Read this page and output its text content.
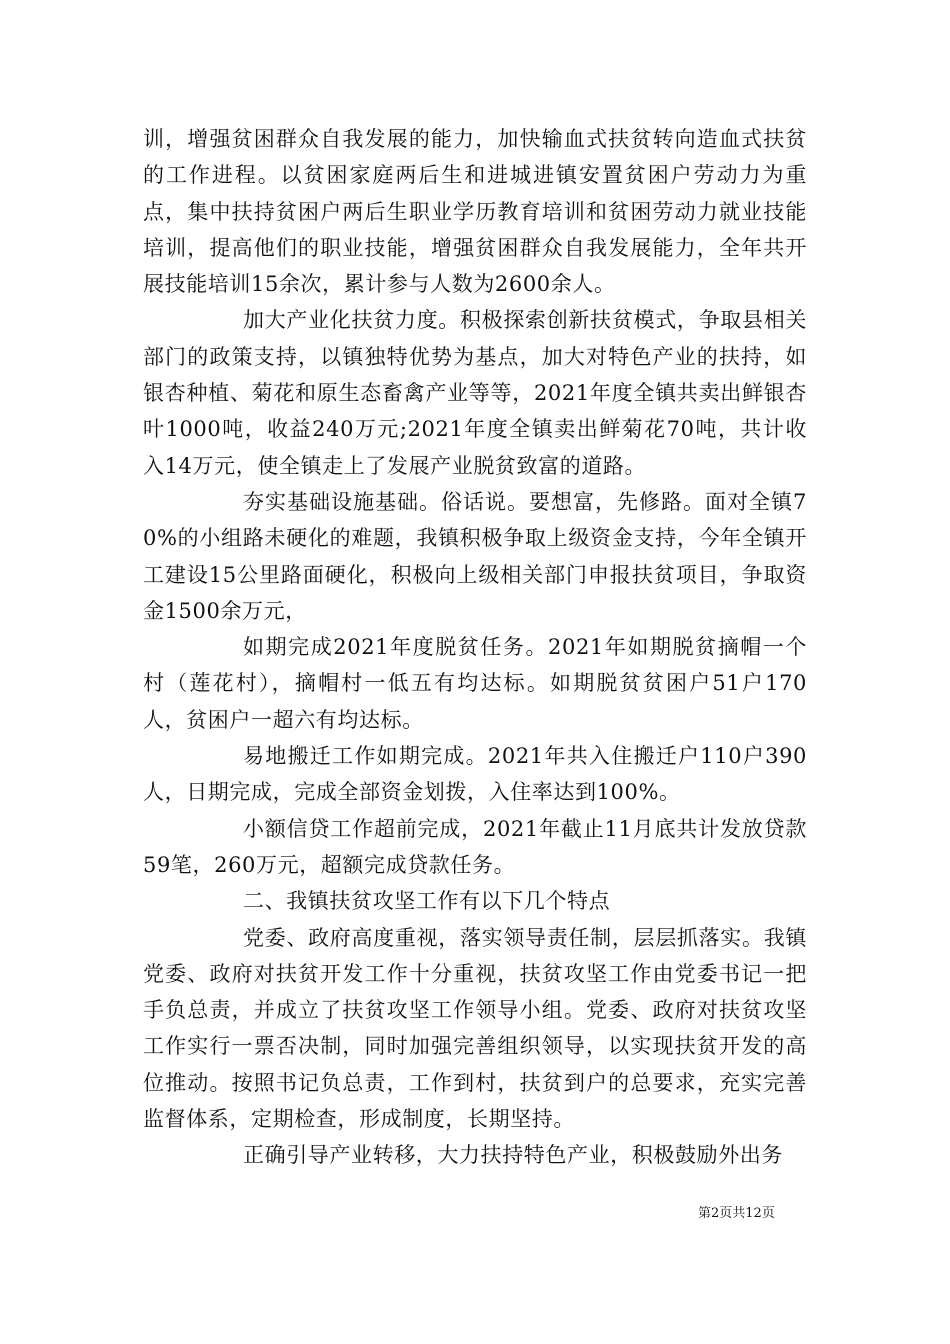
训，增强贫困群众自我发展的能力，加快输血式扶贫转向造血式扶贫的工作进程。以贫困家庭两后生和进城进镇安置贫困户劳动力为重点，集中扶持贫困户两后生职业学历教育培训和贫困劳动力就业技能培训，提高他们的职业技能，增强贫困群众自我发展能力，全年共开展技能培训15余次，累计参与人数为2600余人。

加大产业化扶贫力度。积极探索创新扶贫模式，争取县相关部门的政策支持，以镇独特优势为基点，加大对特色产业的扶持，如银杏种植、菊花和原生态畜禽产业等等，2021年度全镇共卖出鲜银杏叶1000吨，收益240万元;2021年度全镇卖出鲜菊花70吨，共计收入14万元，使全镇走上了发展产业脱贫致富的道路。

夯实基础设施基础。俗话说。要想富，先修路。面对全镇70%的小组路未硬化的难题，我镇积极争取上级资金支持，今年全镇开工建设15公里路面硬化，积极向上级相关部门申报扶贫项目，争取资金1500余万元，

如期完成2021年度脱贫任务。2021年如期脱贫摘帽一个村（莲花村），摘帽村一低五有均达标。如期脱贫贫困户51户170人，贫困户一超六有均达标。

易地搬迁工作如期完成。2021年共入住搬迁户110户390人，日期完成，完成全部资金划拨，入住率达到100%。

小额信贷工作超前完成，2021年截止11月底共计发放贷款59笔，260万元，超额完成贷款任务。

二、我镇扶贫攻坚工作有以下几个特点

党委、政府高度重视，落实领导责任制，层层抓落实。我镇党委、政府对扶贫开发工作十分重视，扶贫攻坚工作由党委书记一把手负总责，并成立了扶贫攻坚工作领导小组。党委、政府对扶贫攻坚工作实行一票否决制，同时加强完善组织领导，以实现扶贫开发的高位推动。按照书记负总责，工作到村，扶贫到户的总要求，充实完善监督体系，定期检查，形成制度，长期坚持。

正确引导产业转移，大力扶持特色产业，积极鼓励外出务

第2页共12页
